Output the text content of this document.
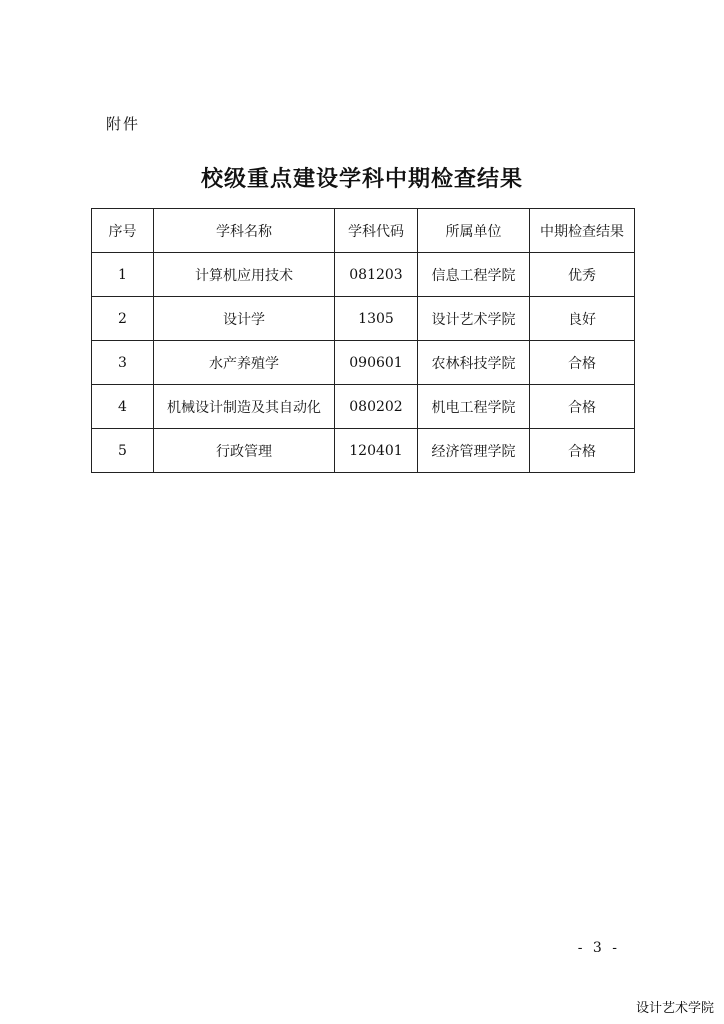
附件
校级重点建设学科中期检查结果
序号	学科名称	学科代码	所属单位	中期检查结果
1	计算机应用技术	081203	信息工程学院	优秀
2	设计学	1305	设计艺术学院	良好
3	水产养殖学	090601	农林科技学院	合格
4	机械设计制造及其自动化	080202	机电工程学院	合格
5	行政管理	120401	经济管理学院	合格
- 3 -
设计艺术学院
